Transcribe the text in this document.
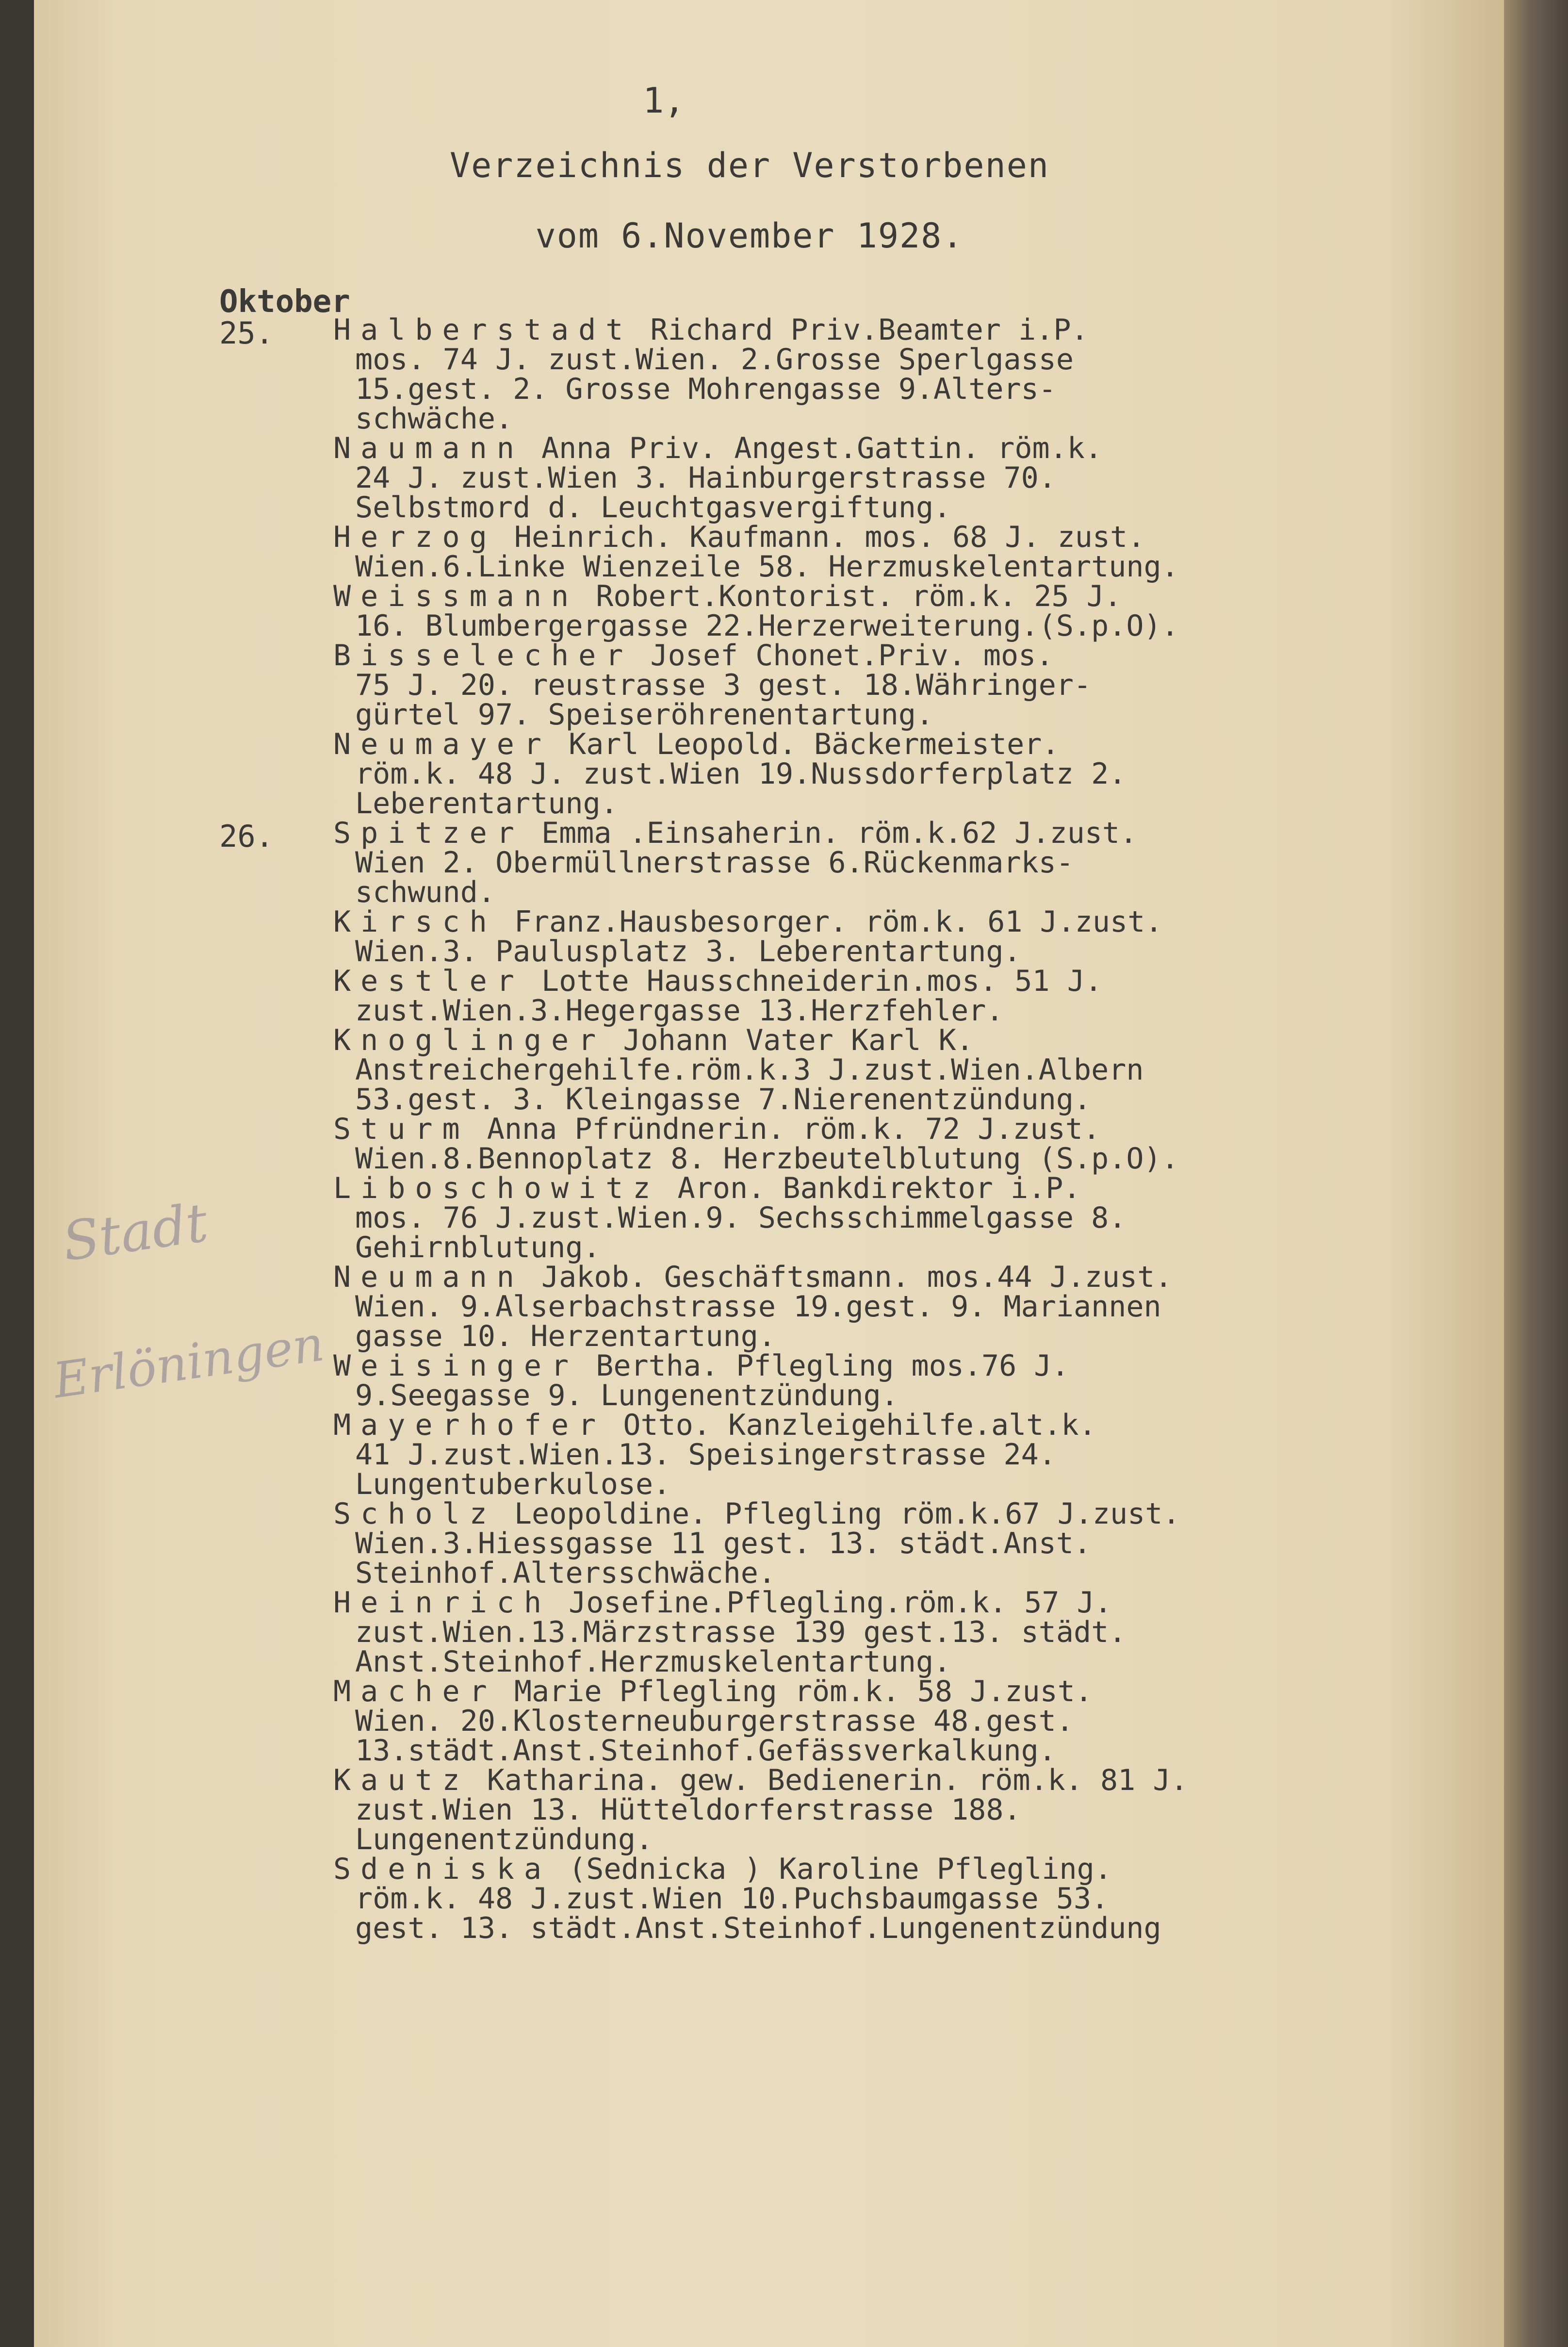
1,
Verzeichnis der Verstorbenen
vom 6.November 1928.
Oktober
Stadt
Erlöningen
25. Halberstadt Richard Priv.Beamter i.P.
mos. 74 J. zust.Wien. 2.Grosse Sperlgasse
15.gest. 2. Grosse Mohrengasse 9.Alters-
schwäche.
Naumann Anna Priv. Angest.Gattin. röm.k.
24 J. zust.Wien 3. Hainburgerstrasse 70.
Selbstmord d. Leuchtgasvergiftung.
Herzog Heinrich. Kaufmann. mos. 68 J. zust.
Wien.6.Linke Wienzeile 58. Herzmuskelentartung.
Weissmann Robert.Kontorist. röm.k. 25 J.
16. Blumbergergasse 22.Herzerweiterung.(S.p.O).
Bisselecher Josef Chonet.Priv. mos.
75 J. 20. reustrasse 3 gest. 18.Währinger-
gürtel 97. Speiseröhrenentartung.
Neumayer Karl Leopold. Bäckermeister.
röm.k. 48 J. zust.Wien 19.Nussdorferplatz 2.
Leberentartung.
26. Spitzer Emma .Einsaherin. röm.k.62 J.zust.
Wien 2. Obermüllnerstrasse 6.Rückenmarks-
schwund.
Kirsch Franz.Hausbesorger. röm.k. 61 J.zust.
Wien.3. Paulusplatz 3. Leberentartung.
Kestler Lotte Hausschneiderin.mos. 51 J.
zust.Wien.3.Hegergasse 13.Herzfehler.
Knoglinger Johann Vater Karl K.
Anstreichergehilfe.röm.k.3 J.zust.Wien.Albern
53.gest. 3. Kleingasse 7.Nierenentzündung.
Sturm Anna Pfründnerin. röm.k. 72 J.zust.
Wien.8.Bennoplatz 8. Herzbeutelblutung (S.p.O).
Liboschowitz Aron. Bankdirektor i.P.
mos. 76 J.zust.Wien.9. Sechsschimmelgasse 8.
Gehirnblutung.
Neumann Jakob. Geschäftsmann. mos.44 J.zust.
Wien. 9.Alserbachstrasse 19.gest. 9. Mariannen
gasse 10. Herzentartung.
Weisinger Bertha. Pflegling mos.76 J.
9.Seegasse 9. Lungenentzündung.
Mayerhofer Otto. Kanzleigehilfe.alt.k.
41 J.zust.Wien.13. Speisingerstrasse 24.
Lungentuberkulose.
Scholz Leopoldine. Pflegling röm.k.67 J.zust.
Wien.3.Hiessgasse 11 gest. 13. städt.Anst.
Steinhof.Altersschwäche.
Heinrich Josefine.Pflegling.röm.k. 57 J.
zust.Wien.13.Märzstrasse 139 gest.13. städt.
Anst.Steinhof.Herzmuskelentartung.
Macher Marie Pflegling röm.k. 58 J.zust.
Wien. 20.Klosterneuburgerstrasse 48.gest.
13.städt.Anst.Steinhof.Gefässverkalkung.
Kautz Katharina. gew. Bedienerin. röm.k. 81 J.
zust.Wien 13. Hütteldorferstrasse 188.
Lungenentzündung.
Sdeniska (Sednicka ) Karoline Pflegling.
röm.k. 48 J.zust.Wien 10.Puchsbaumgasse 53.
gest. 13. städt.Anst.Steinhof.Lungenentzündung
